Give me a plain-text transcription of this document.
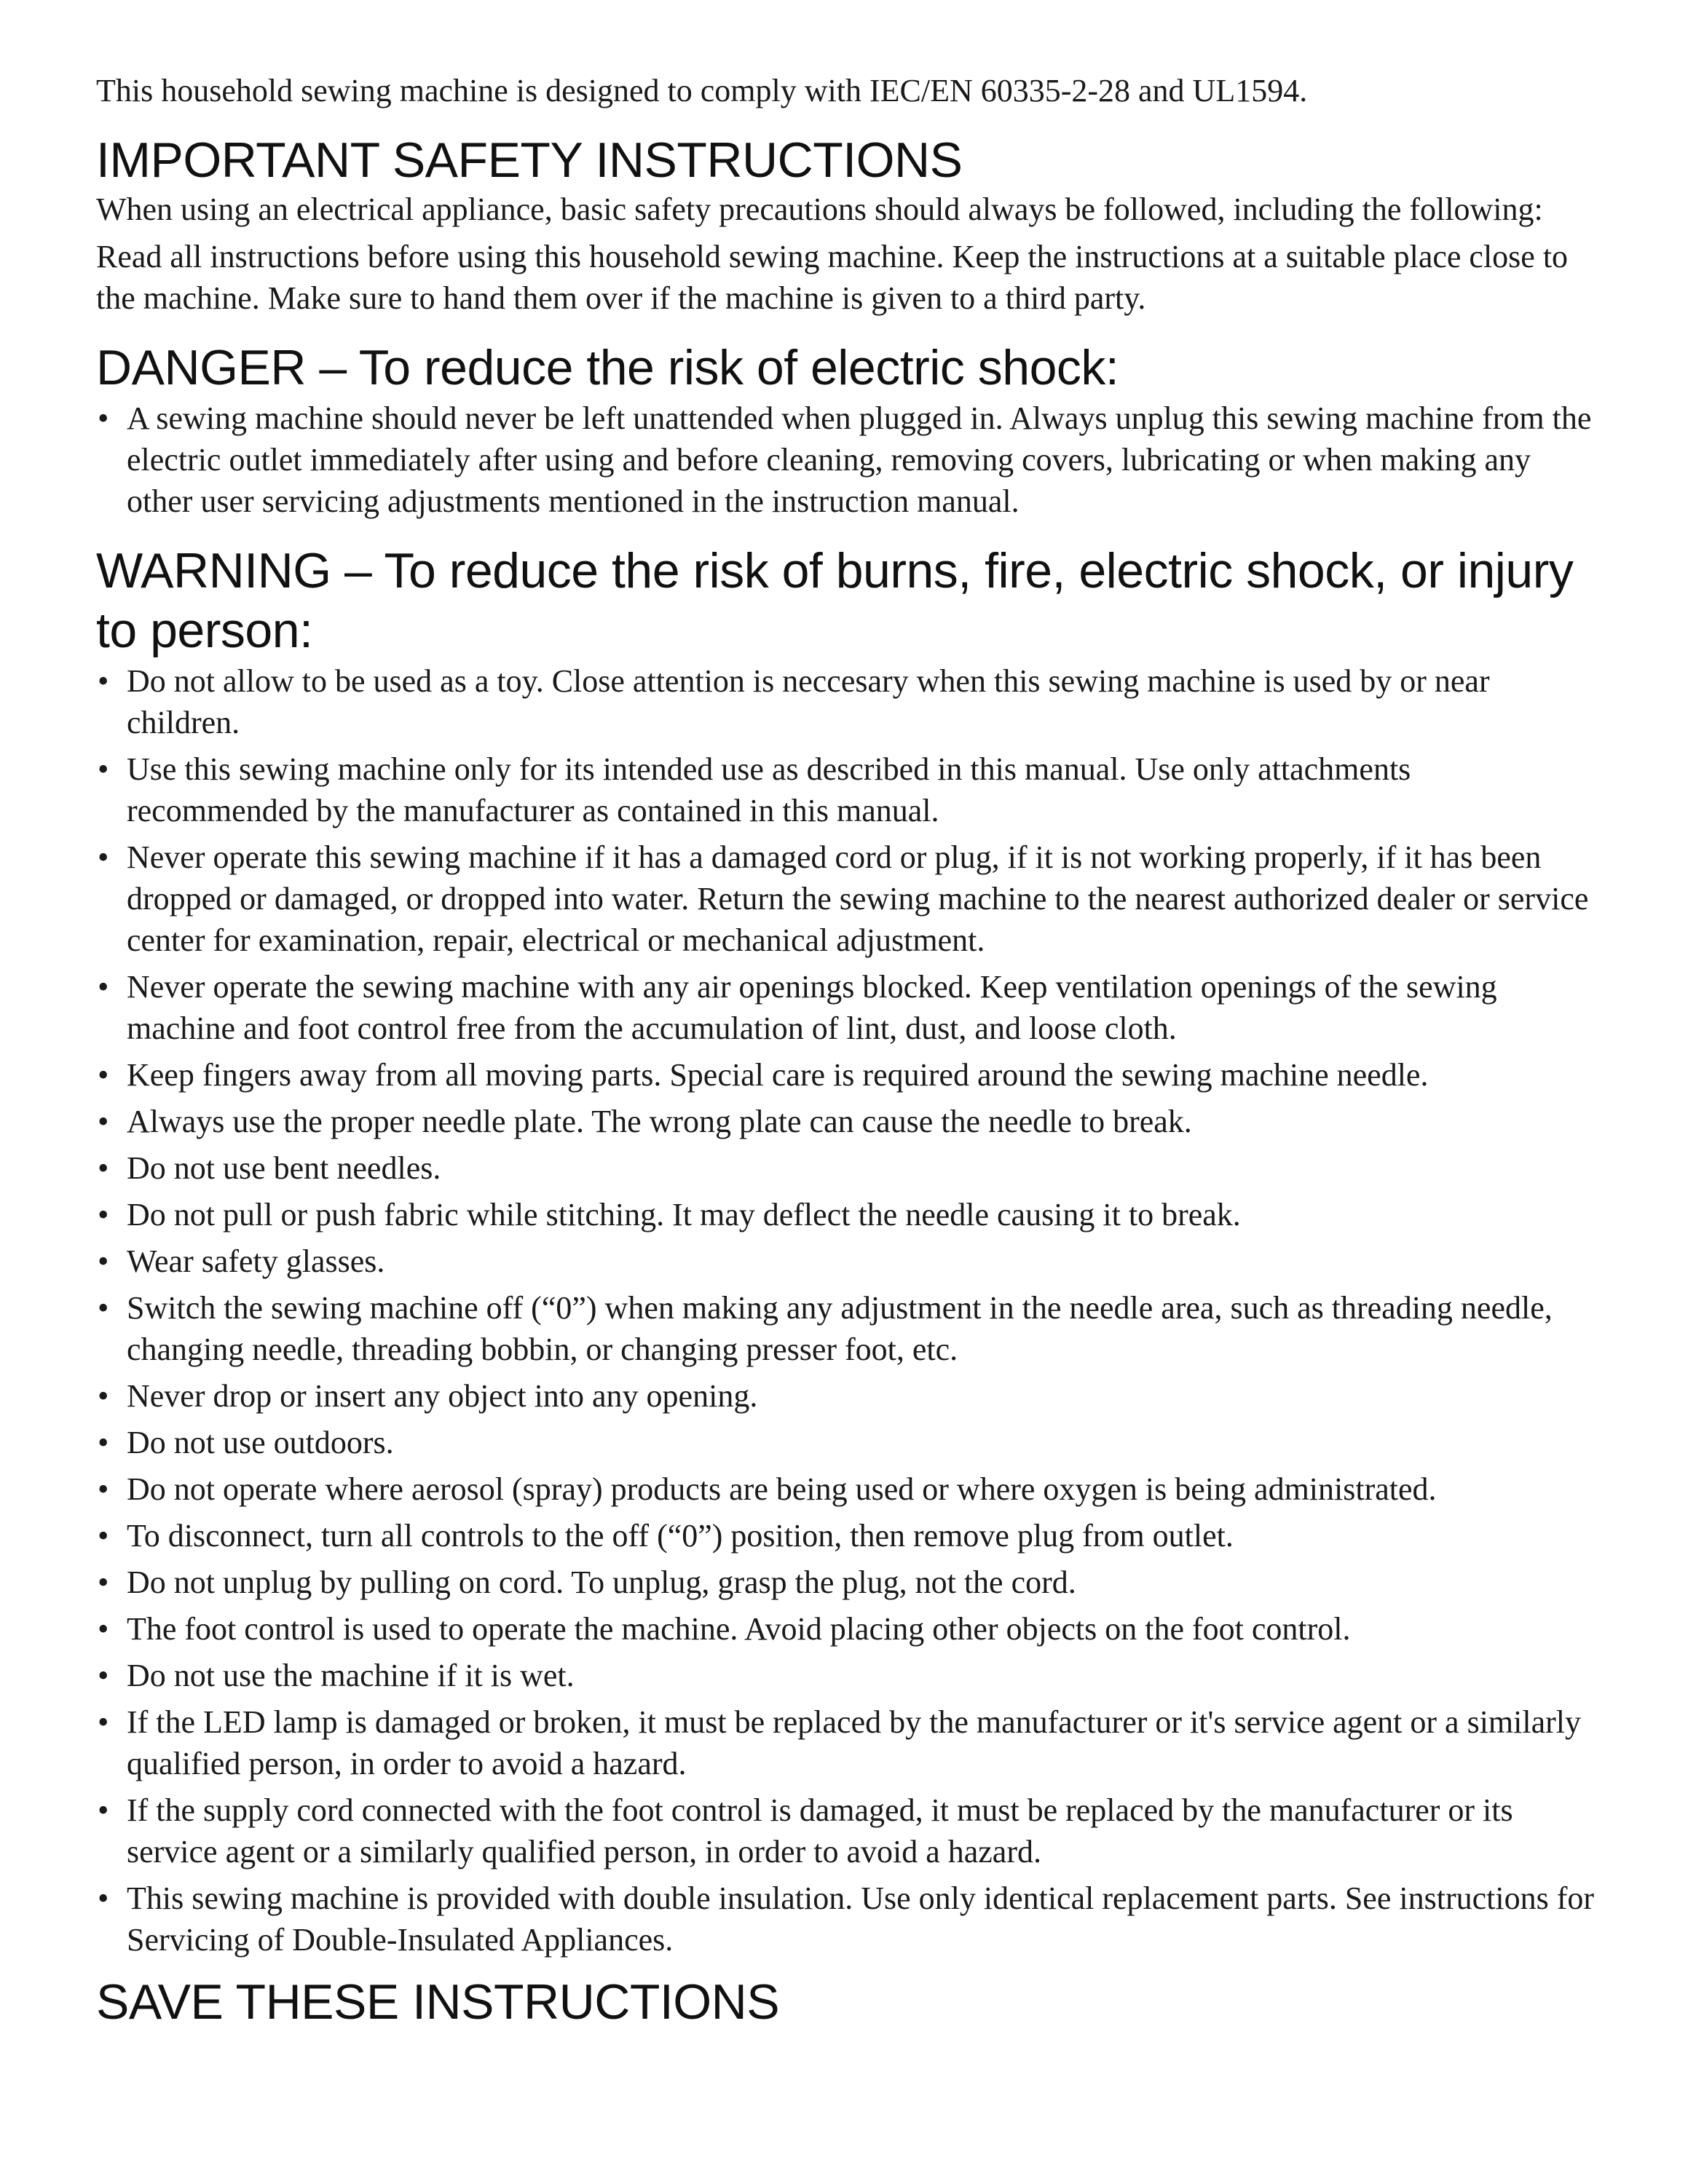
This household sewing machine is designed to comply with IEC/EN 60335-2-28 and UL1594.

IMPORTANT SAFETY INSTRUCTIONS

When using an electrical appliance, basic safety precautions should always be followed, including the following:

Read all instructions before using this household sewing machine. Keep the instructions at a suitable place close to the machine. Make sure to hand them over if the machine is given to a third party.

DANGER – To reduce the risk of electric shock:
• A sewing machine should never be left unattended when plugged in. Always unplug this sewing machine from the electric outlet immediately after using and before cleaning, removing covers, lubricating or when making any other user servicing adjustments mentioned in the instruction manual.
WARNING – To reduce the risk of burns, fire, electric shock, or injury to person:
• Do not allow to be used as a toy. Close attention is neccesary when this sewing machine is used by or near children.
• Use this sewing machine only for its intended use as described in this manual. Use only attachments recommended by the manufacturer as contained in this manual.
• Never operate this sewing machine if it has a damaged cord or plug, if it is not working properly, if it has been dropped or damaged, or dropped into water. Return the sewing machine to the nearest authorized dealer or service center for examination, repair, electrical or mechanical adjustment.
• Never operate the sewing machine with any air openings blocked. Keep ventilation openings of the sewing machine and foot control free from the accumulation of lint, dust, and loose cloth.
• Keep fingers away from all moving parts. Special care is required around the sewing machine needle.
• Always use the proper needle plate. The wrong plate can cause the needle to break.
• Do not use bent needles.
• Do not pull or push fabric while stitching. It may deflect the needle causing it to break.
• Wear safety glasses.
• Switch the sewing machine off (“0”) when making any adjustment in the needle area, such as threading needle, changing needle, threading bobbin, or changing presser foot, etc.
• Never drop or insert any object into any opening.
• Do not use outdoors.
• Do not operate where aerosol (spray) products are being used or where oxygen is being administrated.
• To disconnect, turn all controls to the off (“0”) position, then remove plug from outlet.
• Do not unplug by pulling on cord. To unplug, grasp the plug, not the cord.
• The foot control is used to operate the machine. Avoid placing other objects on the foot control.
• Do not use the machine if it is wet.
• If the LED lamp is damaged or broken, it must be replaced by the manufacturer or it's service agent or a similarly qualified person, in order to avoid a hazard.
• If the supply cord connected with the foot control is damaged, it must be replaced by the manufacturer or its service agent or a similarly qualified person, in order to avoid a hazard.
• This sewing machine is provided with double insulation. Use only identical replacement parts. See instructions for Servicing of Double-Insulated Appliances.
SAVE THESE INSTRUCTIONS
